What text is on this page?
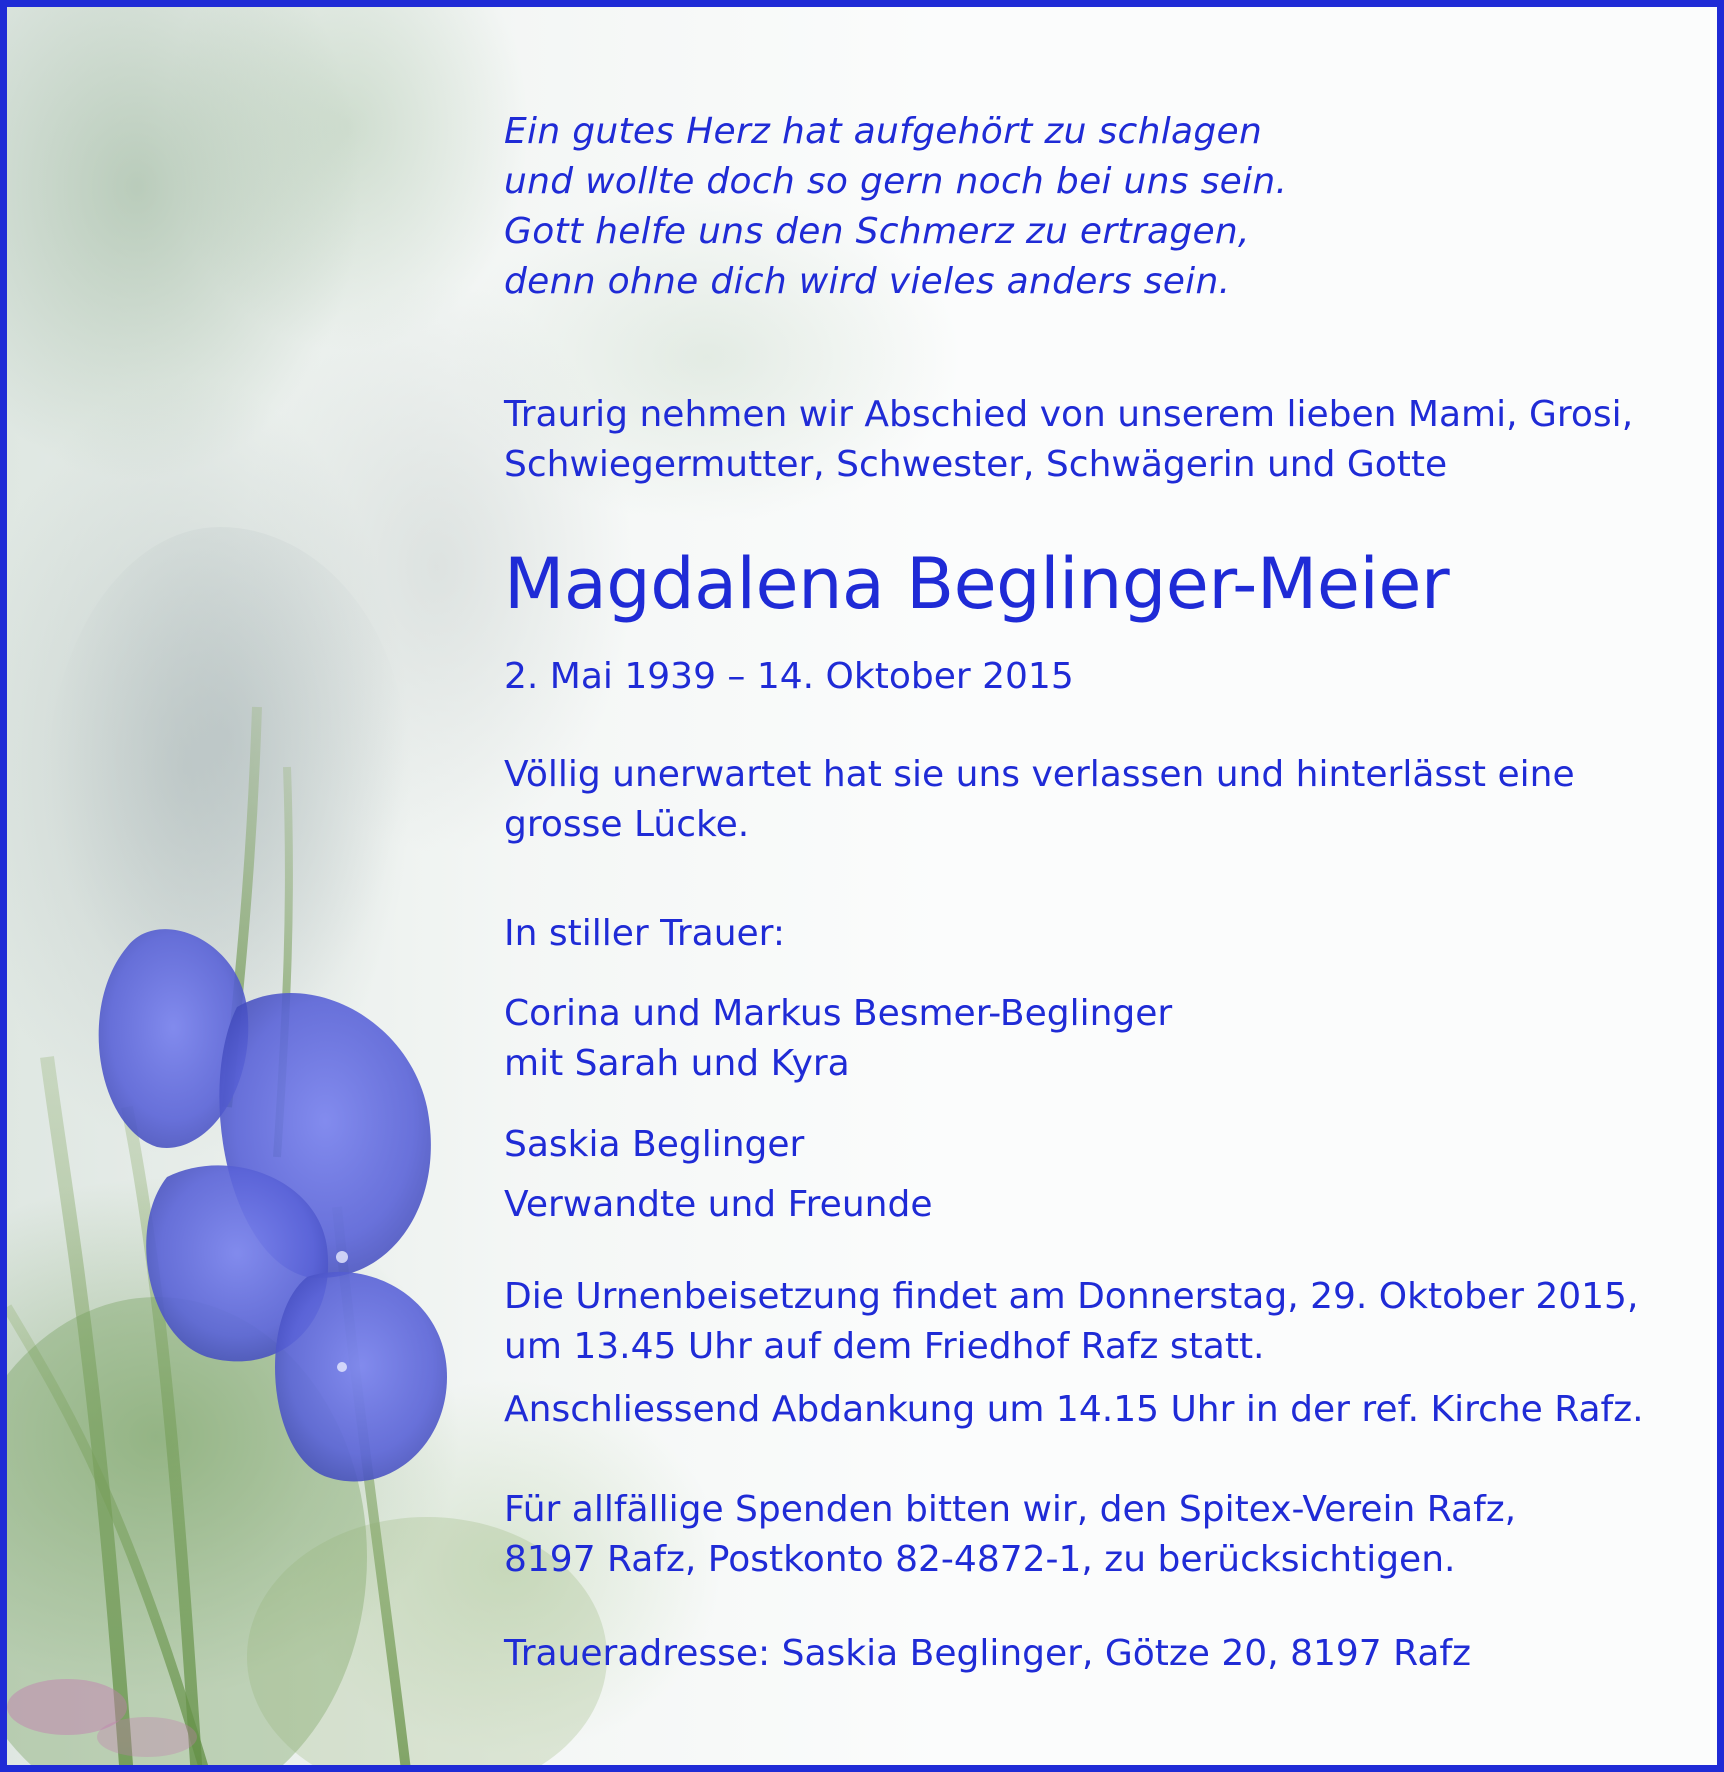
Ein gutes Herz hat aufgehört zu schlagen
und wollte doch so gern noch bei uns sein.
Gott helfe uns den Schmerz zu ertragen,
denn ohne dich wird vieles anders sein.
Traurig nehmen wir Abschied von unserem lieben Mami, Grosi,
Schwiegermutter, Schwester, Schwägerin und Gotte
Magdalena Beglinger-Meier
2. Mai 1939 – 14. Oktober 2015
Völlig unerwartet hat sie uns verlassen und hinterlässt eine
grosse Lücke.
In stiller Trauer:
Corina und Markus Besmer-Beglinger
mit Sarah und Kyra
Saskia Beglinger
Verwandte und Freunde
Die Urnenbeisetzung findet am Donnerstag, 29. Oktober 2015,
um 13.45 Uhr auf dem Friedhof Rafz statt.
Anschliessend Abdankung um 14.15 Uhr in der ref. Kirche Rafz.
Für allfällige Spenden bitten wir, den Spitex-Verein Rafz,
8197 Rafz, Postkonto 82-4872-1, zu berücksichtigen.
Traueradresse: Saskia Beglinger, Götze 20, 8197 Rafz
